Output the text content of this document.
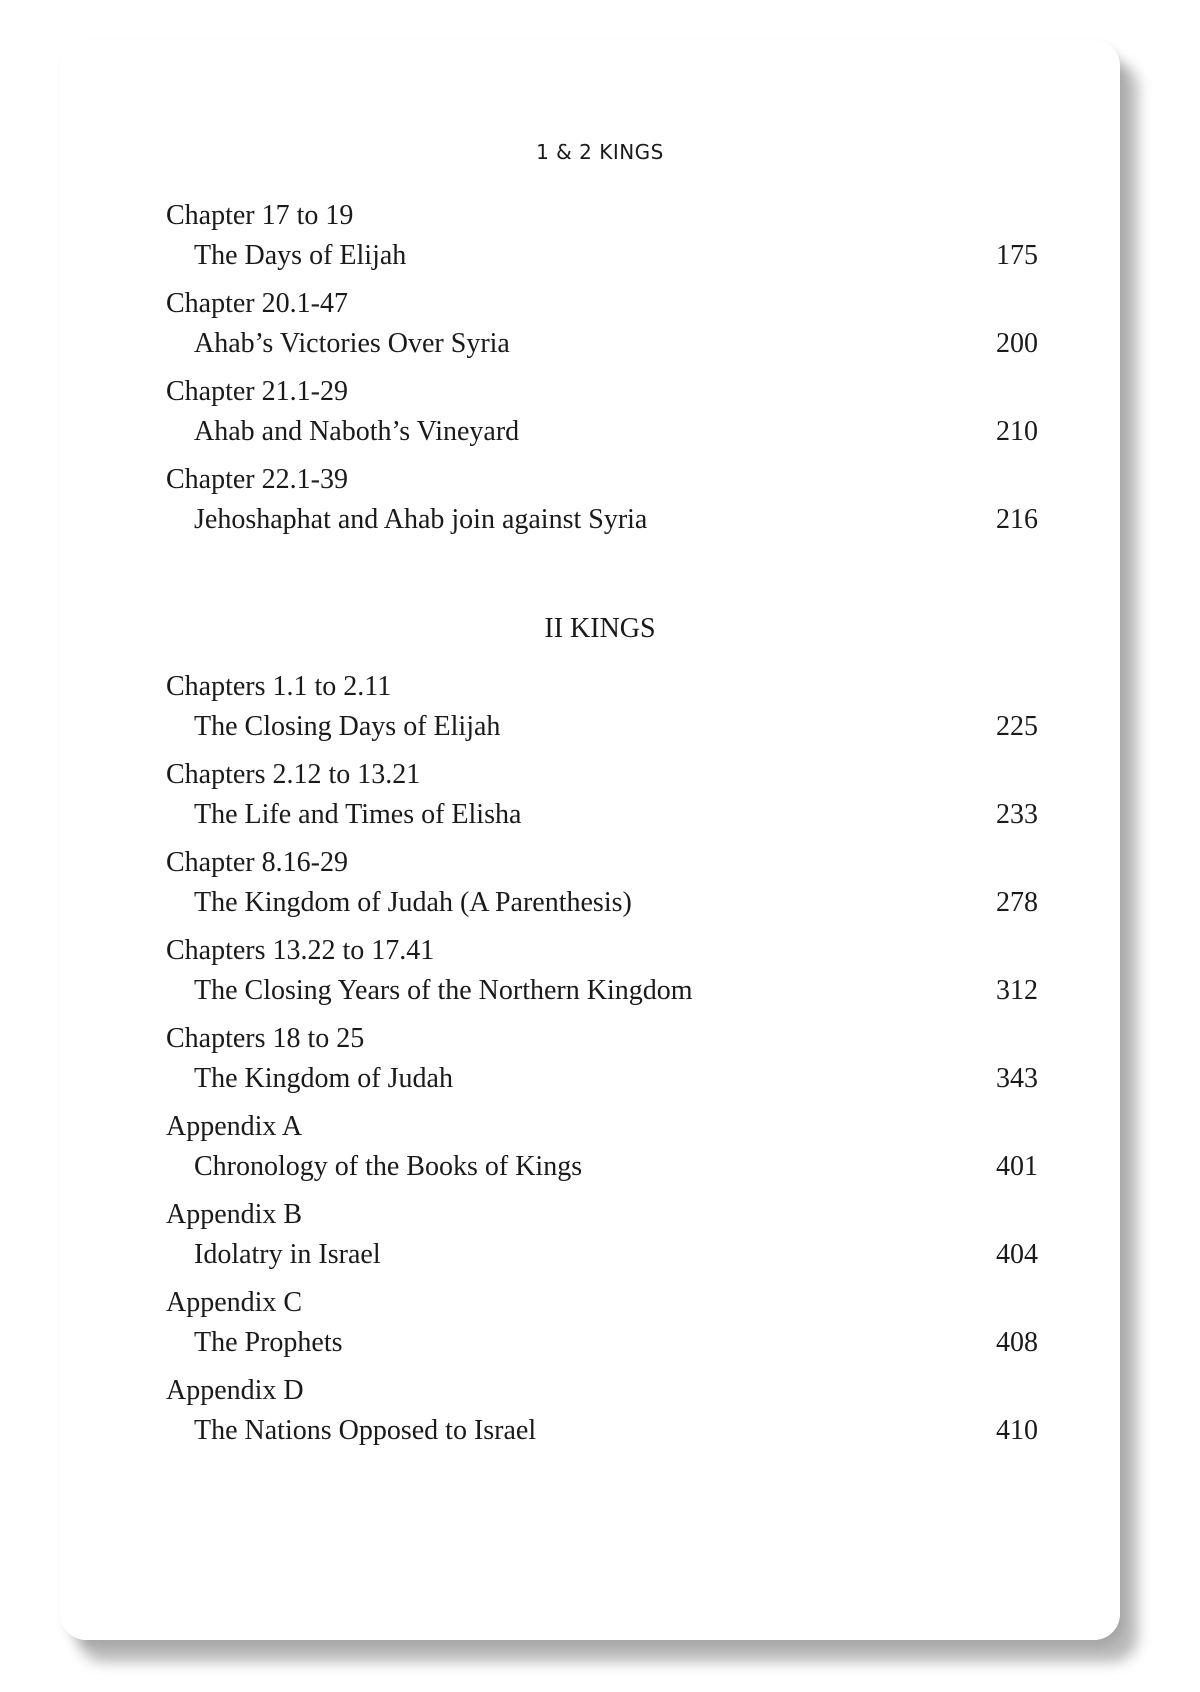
1 & 2 KINGS
Chapter 17 to 19
The Days of Elijah	175
Chapter 20.1-47
Ahab’s Victories Over Syria	200
Chapter 21.1-29
Ahab and Naboth’s Vineyard	210
Chapter 22.1-39
Jehoshaphat and Ahab join against Syria	216
II KINGS
Chapters 1.1 to 2.11
The Closing Days of Elijah	225
Chapters 2.12 to 13.21
The Life and Times of Elisha	233
Chapter 8.16-29
The Kingdom of Judah (A Parenthesis)	278
Chapters 13.22 to 17.41
The Closing Years of the Northern Kingdom	312
Chapters 18 to 25
The Kingdom of Judah	343
Appendix A
Chronology of the Books of Kings	401
Appendix B
Idolatry in Israel	404
Appendix C
The Prophets	408
Appendix D
The Nations Opposed to Israel	410
